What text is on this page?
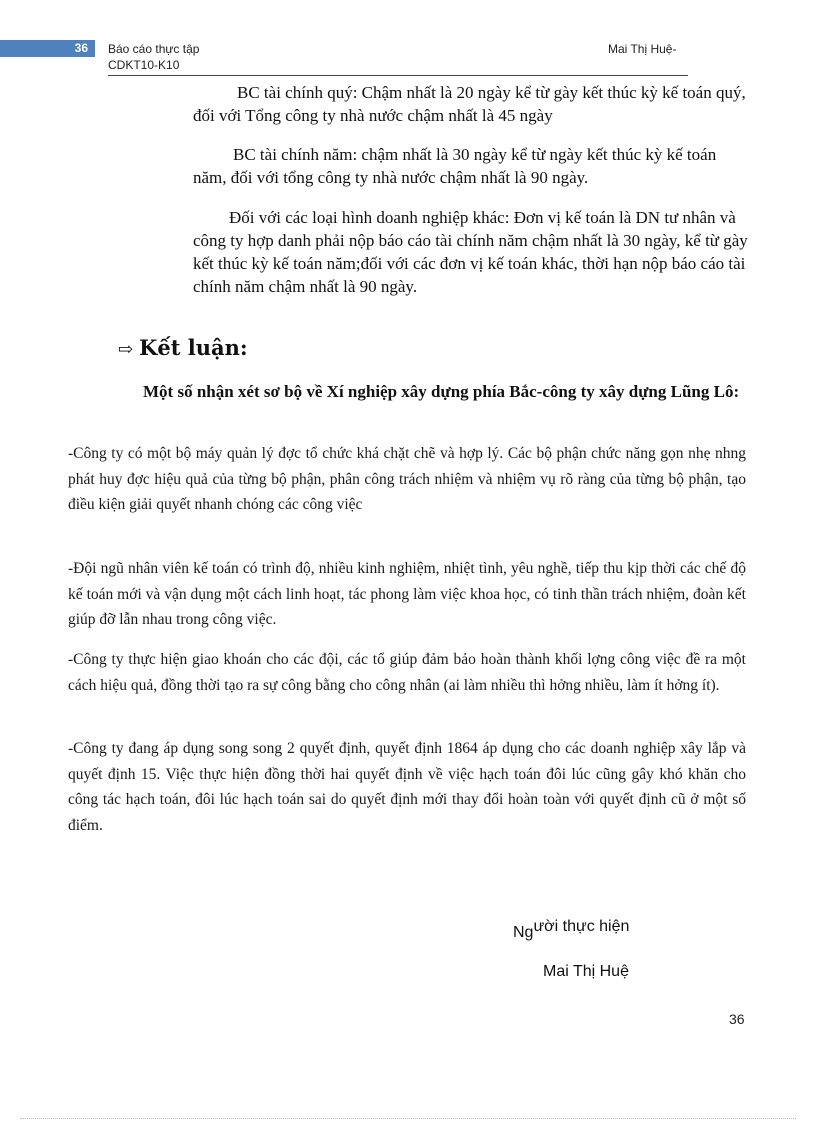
36 Báo cáo thực tập
CDKT10-K10
Mai Thị Huệ-

BC tài chính quý: Chậm nhất là 20 ngày kể từ gày kết thúc kỳ kế toán quý, đối với Tổng công ty nhà nước chậm nhất là 45 ngày

BC tài chính năm: chậm nhất là 30 ngày kể từ ngày kết thúc kỳ kế toán năm, đối với tổng công ty nhà nước chậm nhất là 90 ngày.

Đối với các loại hình doanh nghiệp khác: Đơn vị kế toán là DN tư nhân và công ty hợp danh phải nộp báo cáo tài chính năm chậm nhất là 30 ngày, kể từ gày kết thúc kỳ kế toán năm;đối với các đơn vị kế toán khác, thời hạn nộp báo cáo tài chính năm chậm nhất là 90 ngày.

⇨ Kết luận:

Một số nhận xét sơ bộ về Xí nghiệp xây dựng phía Bắc-công ty xây dựng Lũng Lô:

-Công ty có một bộ máy quản lý đợc tổ chức khá chặt chẽ và hợp lý. Các bộ phận chức năng gọn nhẹ nhng phát huy đợc hiệu quả của từng bộ phận, phân công trách nhiệm và nhiệm vụ rõ ràng của từng bộ phận, tạo điều kiện giải quyết nhanh chóng các công việc

-Đội ngũ nhân viên kế toán có trình độ, nhiều kinh nghiệm, nhiệt tình, yêu nghề, tiếp thu kịp thời các chế độ kế toán mới và vận dụng một cách linh hoạt, tác phong làm việc khoa học, có tinh thần trách nhiệm, đoàn kết giúp đỡ lẫn nhau trong công việc.

-Công ty thực hiện giao khoán cho các đội, các tổ giúp đảm bảo hoàn thành khối lợng công việc đề ra một cách hiệu quả, đồng thời tạo ra sự công bằng cho công nhân (ai làm nhiều thì hởng nhiều, làm ít hởng ít).

-Công ty đang áp dụng song song 2 quyết định, quyết định 1864 áp dụng cho các doanh nghiệp xây lắp và quyết định 15. Việc thực hiện đồng thời hai quyết định về việc hạch toán đôi lúc cũng gây khó khăn cho công tác hạch toán, đôi lúc hạch toán sai do quyết định mới thay đổi hoàn toàn với quyết định cũ ở một số điểm.

Người thực hiện
Mai Thị Huệ
36
